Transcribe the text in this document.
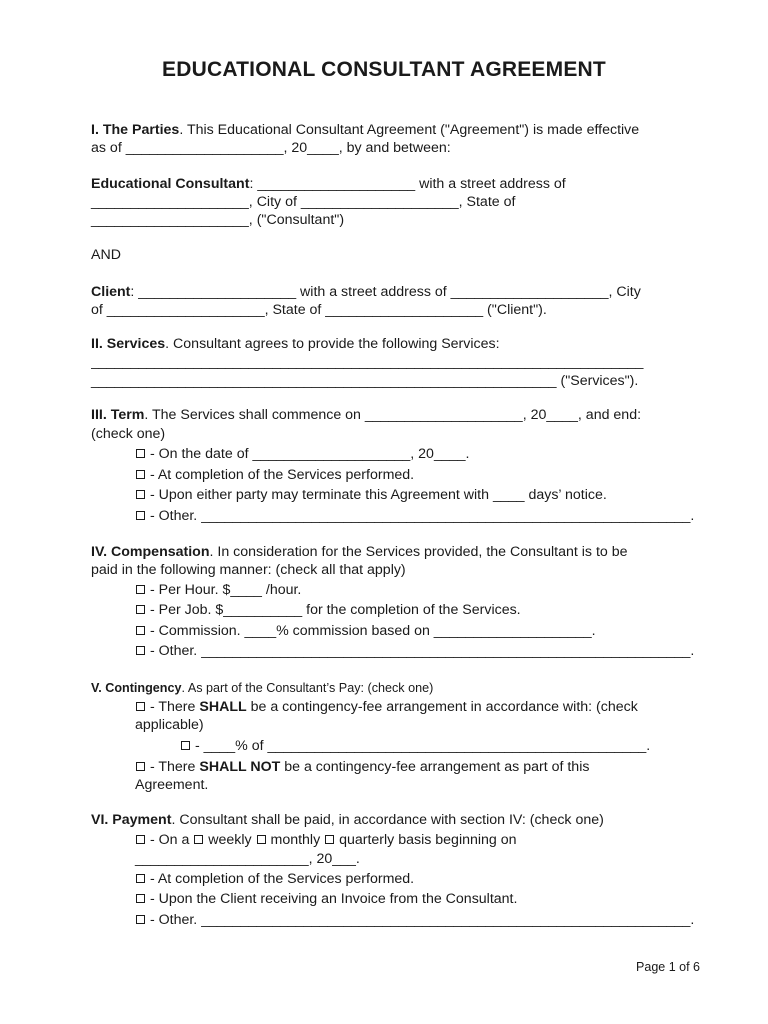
EDUCATIONAL CONSULTANT AGREEMENT
I. The Parties. This Educational Consultant Agreement ("Agreement") is made effective
as of ____________________, 20____, by and between:
Educational Consultant: ____________________ with a street address of
____________________, City of ____________________, State of
____________________, ("Consultant")
AND
Client: ____________________ with a street address of ____________________, City
of ____________________, State of ____________________ ("Client").
II. Services. Consultant agrees to provide the following Services:
______________________________________________________________________
___________________________________________________________ ("Services").
III. Term. The Services shall commence on ____________________, 20____, and end:
(check one)
- On the date of ____________________, 20____.
- At completion of the Services performed.
- Upon either party may terminate this Agreement with ____ days’ notice.
- Other. ______________________________________________________________.
IV. Compensation. In consideration for the Services provided, the Consultant is to be
paid in the following manner: (check all that apply)
- Per Hour. $____ /hour.
- Per Job. $__________ for the completion of the Services.
- Commission. ____% commission based on ____________________.
- Other. ______________________________________________________________.
V. Contingency. As part of the Consultant’s Pay: (check one)
- There SHALL be a contingency-fee arrangement in accordance with: (check
applicable)
- ____% of ________________________________________________.
- There SHALL NOT be a contingency-fee arrangement as part of this
Agreement.
VI. Payment. Consultant shall be paid, in accordance with section IV: (check one)
- On a  weekly  monthly  quarterly basis beginning on
______________________, 20___.
- At completion of the Services performed.
- Upon the Client receiving an Invoice from the Consultant.
- Other. ______________________________________________________________.
Page 1 of 6
